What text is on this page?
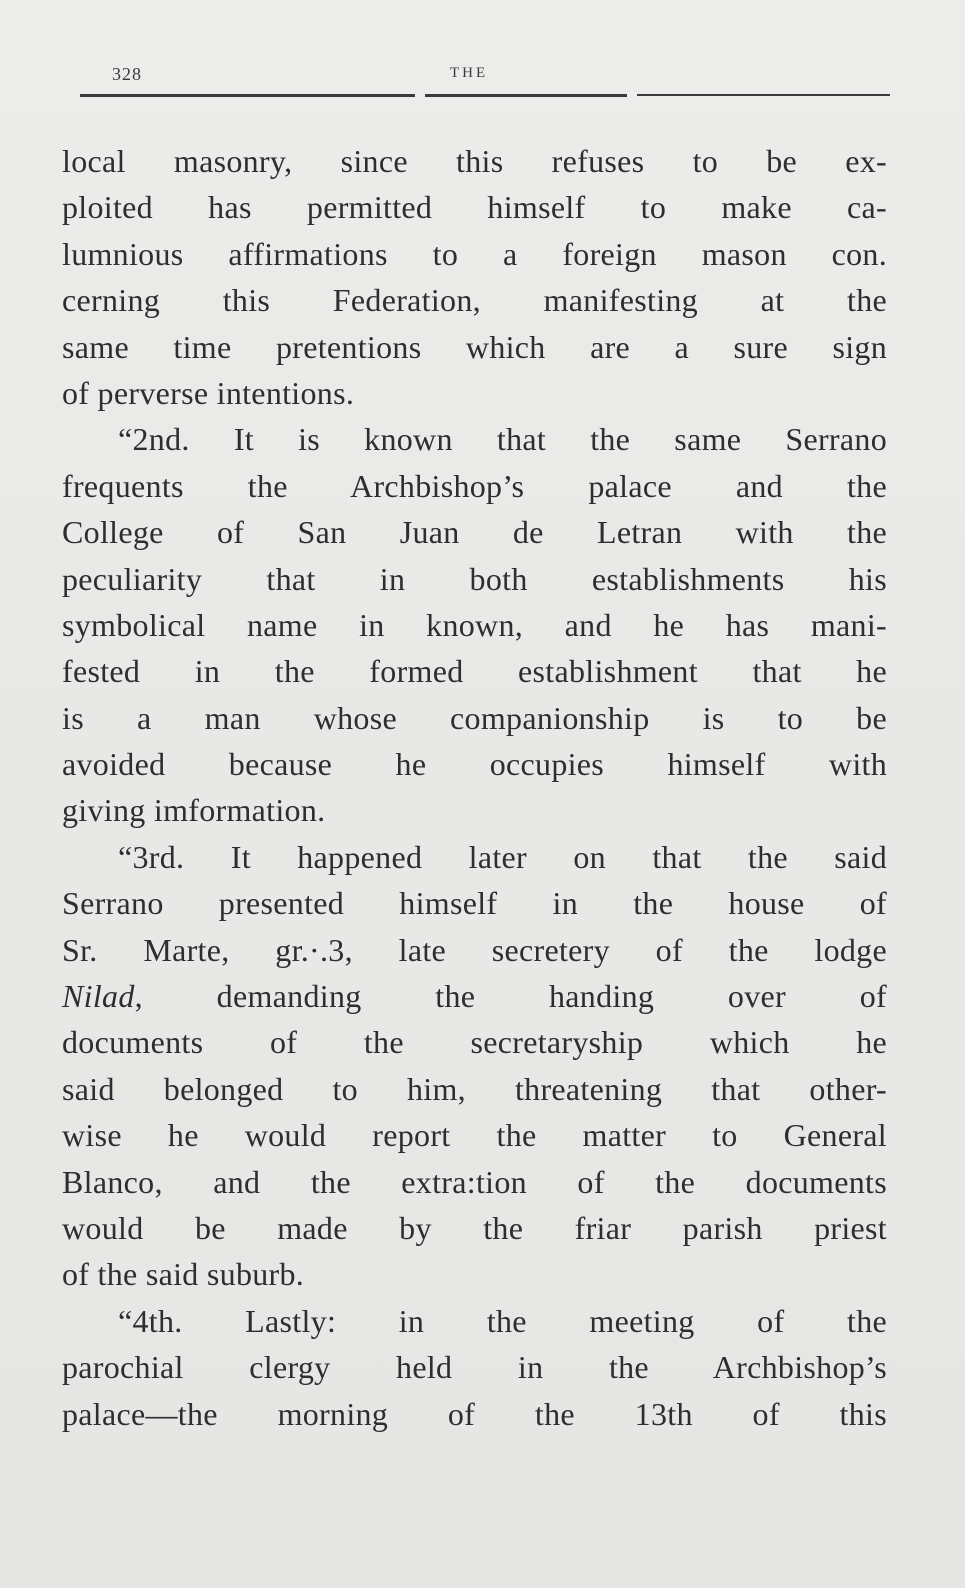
328	THE
local masonry, since this refuses to be ex-
ploited has permitted himself to make ca-
lumnious affirmations to a foreign mason con.
cerning this Federation, manifesting at the
same time pretentions which are a sure sign
of perverse intentions.
“2nd. It is known that the same Serrano
frequents the Archbishop’s palace and the
College of San Juan de Letran with the
peculiarity that in both establishments his
symbolical name in known, and he has mani-
fested in the formed establishment that he
is a man whose companionship is to be
avoided because he occupies himself with
giving imformation.
“3rd. It happened later on that the said
Serrano presented himself in the house of
Sr. Marte, gr.·.3, late secretery of the lodge
Nilad, demanding the handing over of
documents of the secretaryship which he
said belonged to him, threatening that other-
wise he would report the matter to General
Blanco, and the extra:tion of the documents
would be made by the friar parish priest
of the said suburb.
“4th. Lastly: in the meeting of the
parochial clergy held in the Archbishop’s
palace—the morning of the 13th of this
